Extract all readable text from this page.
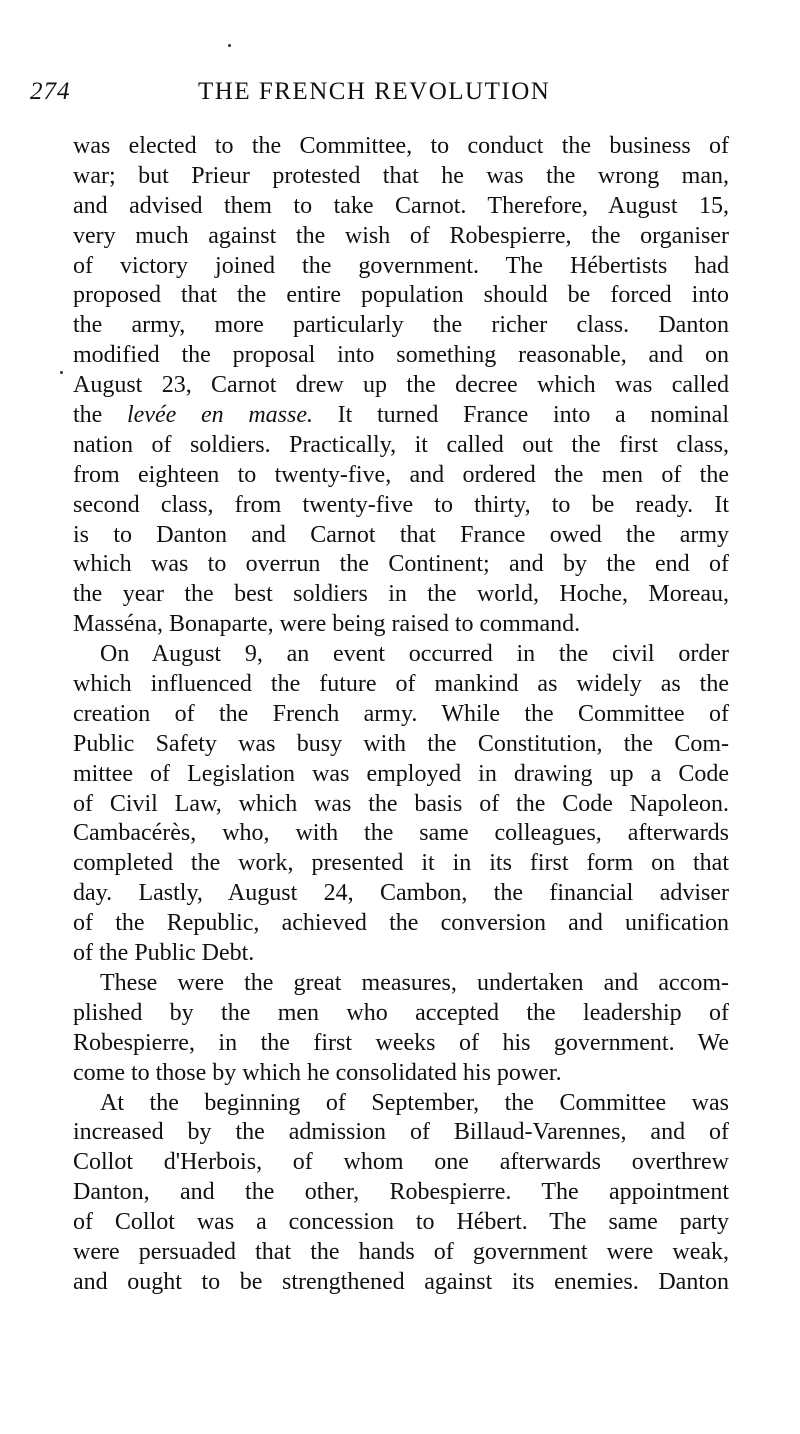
274	THE FRENCH REVOLUTION
was elected to the Committee, to conduct the business of
war; but Prieur protested that he was the wrong man,
and advised them to take Carnot. Therefore, August 15,
very much against the wish of Robespierre, the organiser
of victory joined the government. The Hébertists had
proposed that the entire population should be forced into
the army, more particularly the richer class. Danton
modified the proposal into something reasonable, and on
August 23, Carnot drew up the decree which was called
the levée en masse. It turned France into a nominal
nation of soldiers. Practically, it called out the first class,
from eighteen to twenty-five, and ordered the men of the
second class, from twenty-five to thirty, to be ready. It
is to Danton and Carnot that France owed the army
which was to overrun the Continent; and by the end of
the year the best soldiers in the world, Hoche, Moreau,
Masséna, Bonaparte, were being raised to command.
On August 9, an event occurred in the civil order
which influenced the future of mankind as widely as the
creation of the French army. While the Committee of
Public Safety was busy with the Constitution, the Com-
mittee of Legislation was employed in drawing up a Code
of Civil Law, which was the basis of the Code Napoleon.
Cambacérès, who, with the same colleagues, afterwards
completed the work, presented it in its first form on that
day. Lastly, August 24, Cambon, the financial adviser
of the Republic, achieved the conversion and unification
of the Public Debt.
These were the great measures, undertaken and accom-
plished by the men who accepted the leadership of
Robespierre, in the first weeks of his government. We
come to those by which he consolidated his power.
At the beginning of September, the Committee was
increased by the admission of Billaud-Varennes, and of
Collot d'Herbois, of whom one afterwards overthrew
Danton, and the other, Robespierre. The appointment
of Collot was a concession to Hébert. The same party
were persuaded that the hands of government were weak,
and ought to be strengthened against its enemies. Danton
